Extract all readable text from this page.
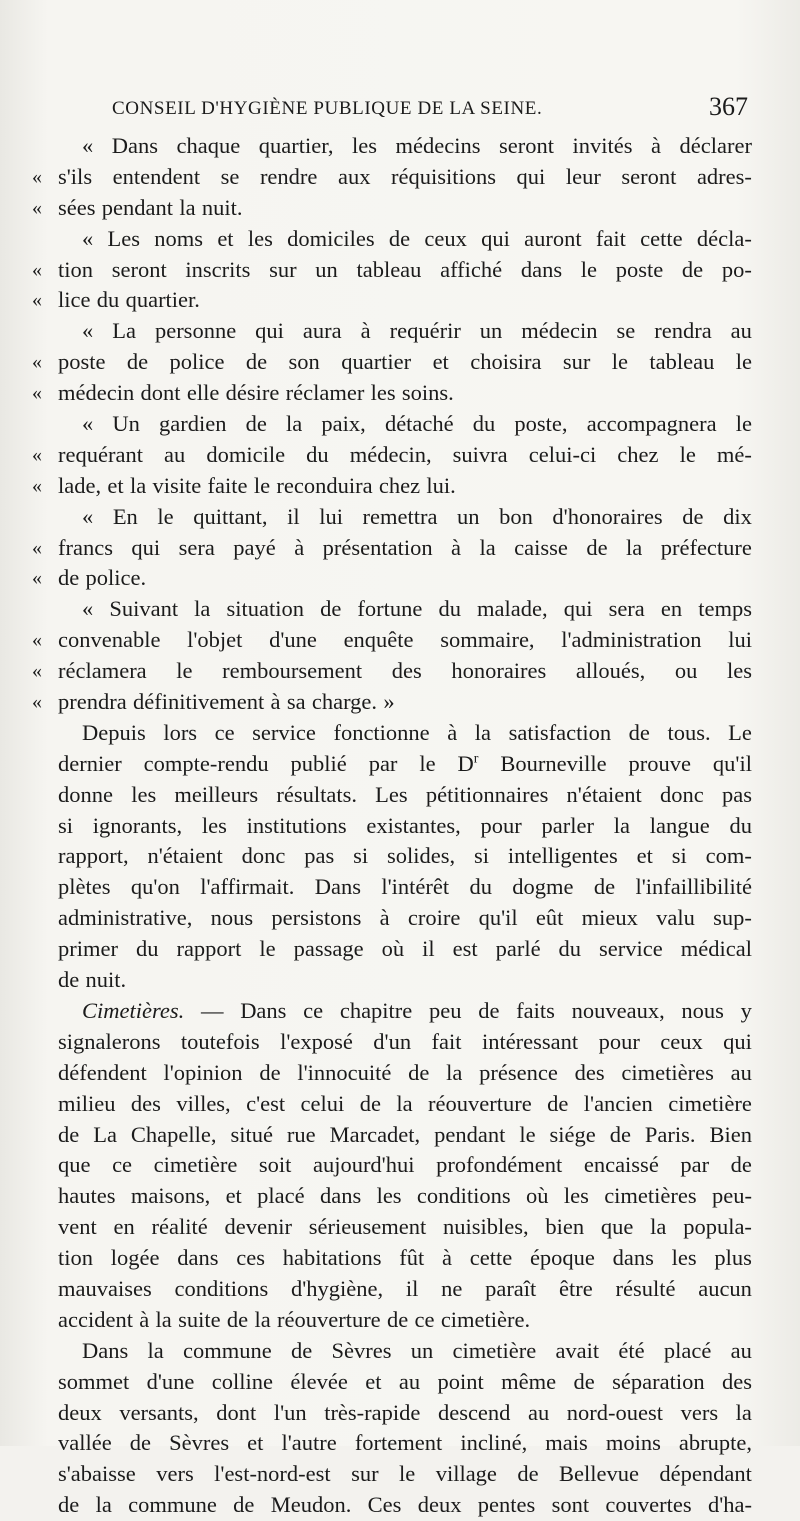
CONSEIL D'HYGIÈNE PUBLIQUE DE LA SEINE.	367
« Dans chaque quartier, les médecins seront invités à déclarer
« s'ils entendent se rendre aux réquisitions qui leur seront adres-
« sées pendant la nuit.
« Les noms et les domiciles de ceux qui auront fait cette décla-
« tion seront inscrits sur un tableau affiché dans le poste de po-
« lice du quartier.
« La personne qui aura à requérir un médecin se rendra au
« poste de police de son quartier et choisira sur le tableau le
« médecin dont elle désire réclamer les soins.
« Un gardien de la paix, détaché du poste, accompagnera le
« requérant au domicile du médecin, suivra celui-ci chez le mé-
« lade, et la visite faite le reconduira chez lui.
« En le quittant, il lui remettra un bon d'honoraires de dix
« francs qui sera payé à présentation à la caisse de la préfecture
« de police.
« Suivant la situation de fortune du malade, qui sera en temps
« convenable l'objet d'une enquête sommaire, l'administration lui
« réclamera le remboursement des honoraires alloués, ou les
« prendra définitivement à sa charge. »
Depuis lors ce service fonctionne à la satisfaction de tous. Le
dernier compte-rendu publié par le $D^r$ Bourneville prouve qu'il
donne les meilleurs résultats. Les pétitionnaires n'étaient donc pas
si ignorants, les institutions existantes, pour parler la langue du
rapport, n'étaient donc pas si solides, si intelligentes et si com-
plètes qu'on l'affirmait. Dans l'intérêt du dogme de l'infaillibilité
administrative, nous persistons à croire qu'il eût mieux valu sup-
primer du rapport le passage où il est parlé du service médical
de nuit.
Cimetières. — Dans ce chapitre peu de faits nouveaux, nous y
signalerons toutefois l'exposé d'un fait intéressant pour ceux qui
défendent l'opinion de l'innocuité de la présence des cimetières au
milieu des villes, c'est celui de la réouverture de l'ancien cimetière
de La Chapelle, situé rue Marcadet, pendant le siége de Paris. Bien
que ce cimetière soit aujourd'hui profondément encaissé par de
hautes maisons, et placé dans les conditions où les cimetières peu-
vent en réalité devenir sérieusement nuisibles, bien que la popula-
tion logée dans ces habitations fût à cette époque dans les plus
mauvaises conditions d'hygiène, il ne paraît être résulté aucun
accident à la suite de la réouverture de ce cimetière.
Dans la commune de Sèvres un cimetière avait été placé au
sommet d'une colline élevée et au point même de séparation des
deux versants, dont l'un très-rapide descend au nord-ouest vers la
vallée de Sèvres et l'autre fortement incliné, mais moins abrupte,
s'abaisse vers l'est-nord-est sur le village de Bellevue dépendant
de la commune de Meudon. Ces deux pentes sont couvertes d'ha-
